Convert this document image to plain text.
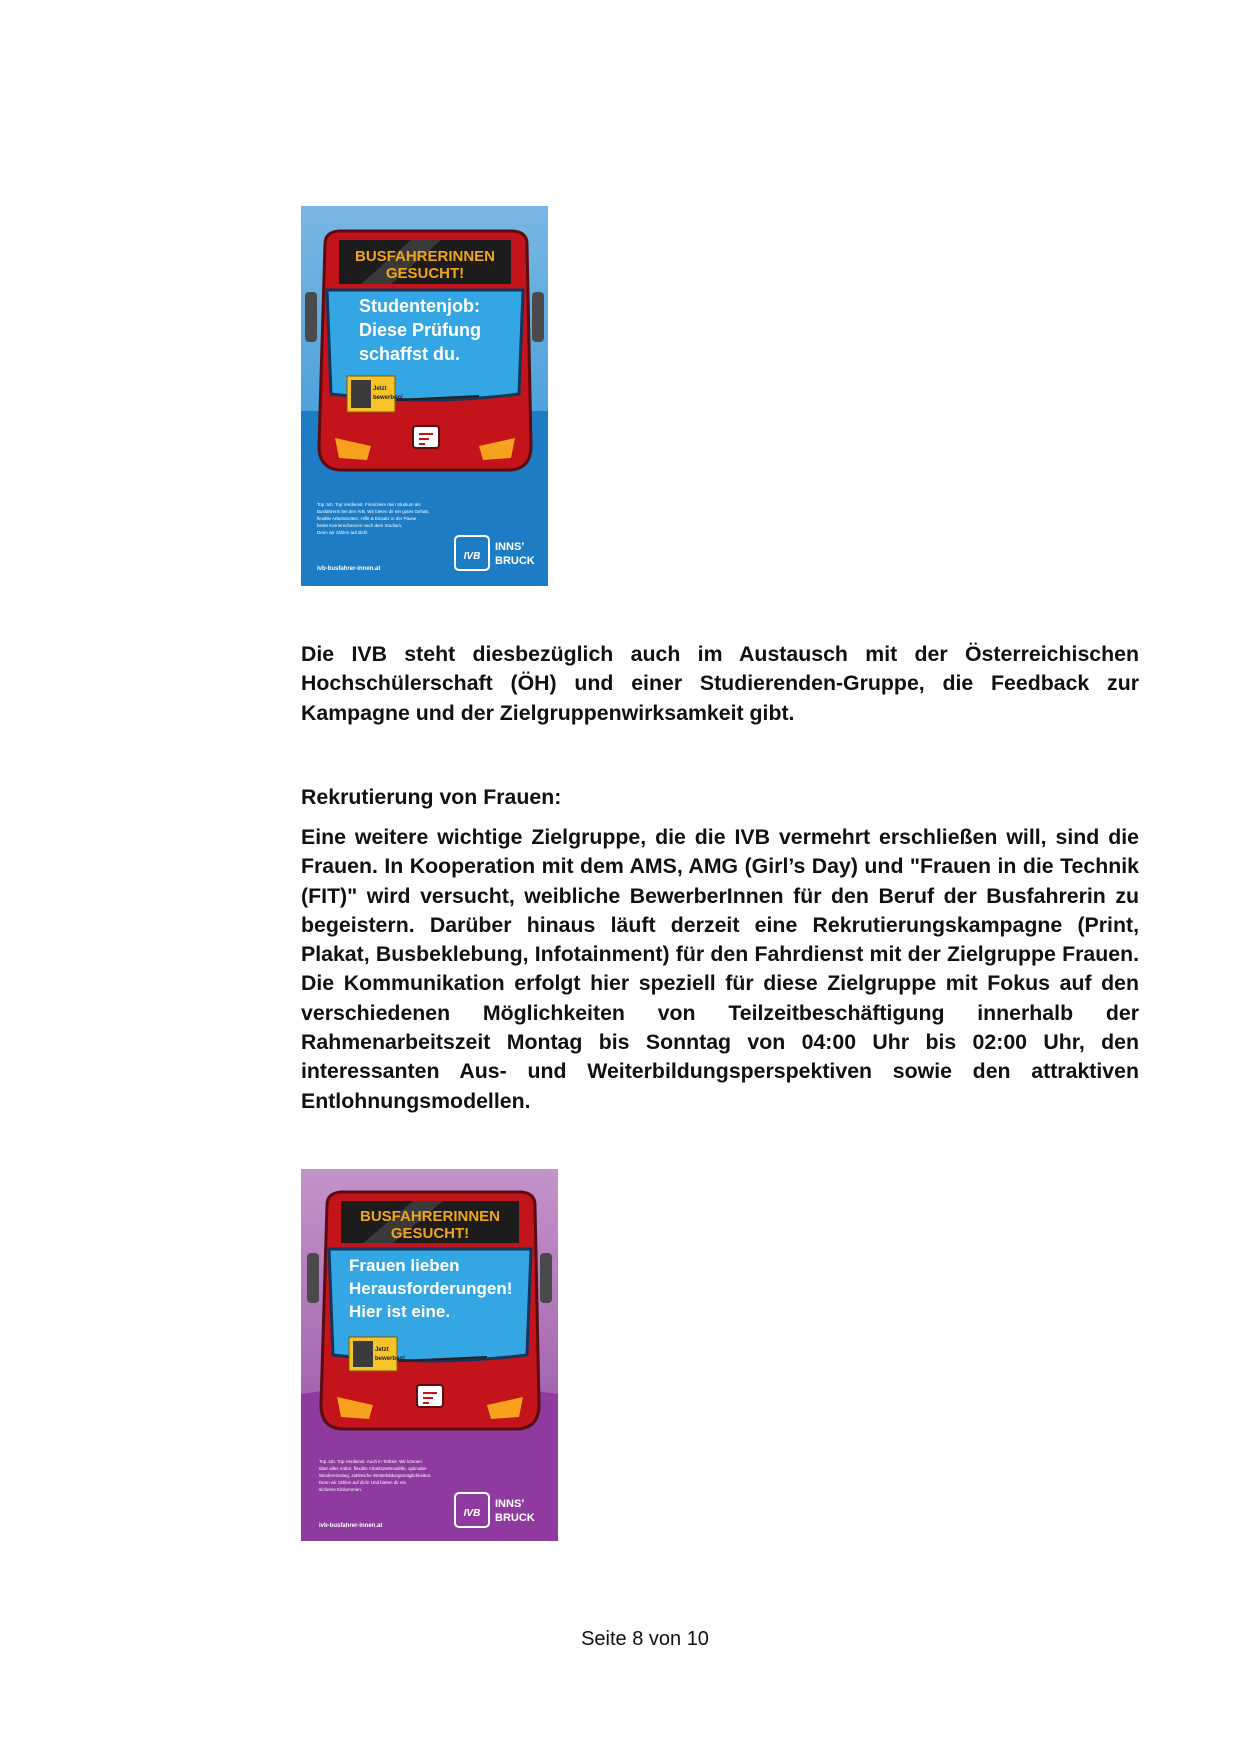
BUSFAHRERINNEN
GESUCHT!
Studentenjob:
Diese Prüfung
schaffst du.
Jetzt
bewerben!
Top Job. Top Verdienst. Finanziere dein Studium als
BusfahrerIn bei den IVB. Wir bieten dir ein gutes Gehalt,
flexible Arbeitszeiten, Hilfe & Einsatz in der Pause
beste Karrierechancen nach dem Studium.
Denn wir zählen auf dich!
ivb-busfahrer-innen.at
IVB
INNS’
BRUCK

Die IVB steht diesbezüglich auch im Austausch mit der Österreichischen Hochschülerschaft (ÖH) und einer Studierenden-Gruppe, die Feedback zur Kampagne und der Zielgruppenwirksamkeit gibt.

Rekrutierung von Frauen:

Eine weitere wichtige Zielgruppe, die die IVB vermehrt erschließen will, sind die Frauen. In Kooperation mit dem AMS, AMG (Girl’s Day) und "Frauen in die Technik (FIT)" wird versucht, weibliche BewerberInnen für den Beruf der Busfahrerin zu begeistern. Darüber hinaus läuft derzeit eine Rekrutierungskampagne (Print, Plakat, Busbeklebung, Infotainment) für den Fahrdienst mit der Zielgruppe Frauen. Die Kommunikation erfolgt hier speziell für diese Zielgruppe mit Fokus auf den verschiedenen Möglichkeiten von Teilzeitbeschäftigung innerhalb der Rahmenarbeitszeit Montag bis Sonntag von 04:00 Uhr bis 02:00 Uhr, den interessanten Aus- und Weiterbildungsperspektiven sowie den attraktiven Entlohnungsmodellen.

BUSFAHRERINNEN
GESUCHT!
Frauen lieben
Herausforderungen!
Hier ist eine.
Jetzt
bewerben!
Top Job. Top Verdienst. Auch in Teilzeit. Wir können
über alles reden: flexible Arbeitszeitmodelle, optimaler
Wiedereinstieg, zahlreiche Weiterbildungsmöglichkeiten.
Denn wir zählen auf dich! Und bieten dir ein
sicheres Einkommen.
ivb-busfahrer-innen.at
IVB
INNS’
BRUCK

Seite 8 von 10
